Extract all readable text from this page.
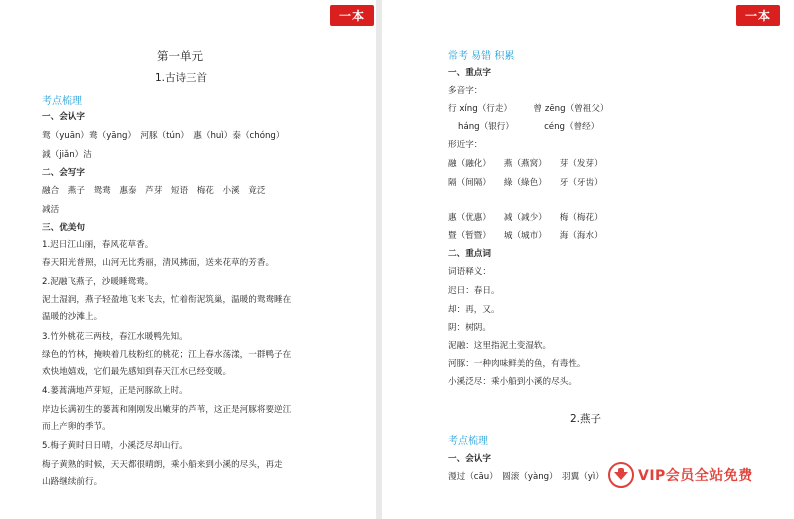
一本
第一单元
1.古诗三首
考点梳理
一、会认字
鸳（yuān）鸯（yāng）　河豚（tún）　惠（huì）泰（chóng）
減（jiǎn）洁
二、会写字
融合　燕子　鸳鸯　惠泰　芦芽　短语　梅花　小溪　竟泛
减活
三、优美句
1.迟日江山丽，春风花草香。
春天阳光普照，山河无比秀丽，清风拂面，送来花草的芳香。
2.泥融飞燕子，沙暖睡鸳鸯。
泥土湿润，燕子轻盈地飞来飞去，忙着衔泥筑巢，温暖的鸳鸯睡在
温暖的沙滩上。
3.竹外桃花三两枝，春江水暖鸭先知。
绿色的竹林，掩映着几枝粉红的桃花；江上春水荡漾，一群鸭子在
欢快地嬉戏，它们最先感知到春天江水已经变暖。
4.蒌蒿满地芦芽短，正是河豚欲上时。
岸边长满初生的蒌蒿和刚刚发出嫩芽的芦苇，这正是河豚将要逆江
而上产卵的季节。
5.梅子黄时日日晴，小溪泛尽却山行。
梅子黄熟的时候，天天都很晴朗，乘小船来到小溪的尽头，再走
山路继续前行。
一本
常考 易错 积累
一、重点字
多音字：
行 xíng（行走）　　　曾 zēng（曾祖父）
háng（银行）　　　　céng（曾经）
形近字：
融（融化）　　燕（燕窝）　　芽（发芽）
隔（间隔）　　綠（綠色）　　牙（牙齿）
惠（优惠）　　减（减少）　　梅（梅花）
暨（暂暨）　　城（城市）　　海（海水）
二、重点词
词语释义：
迟日：春日。
却：再，又。
阴：树阴。
泥融：这里指泥土变湿软。
河豚：一种肉味鲜美的鱼，有毒性。
小溪泛尽：乘小船到小溪的尽头。
2.燕子
考点梳理
一、会认字
漫过（cāu）　圆滚（yàng）　羽翼（yì） VIP会员全站免费
